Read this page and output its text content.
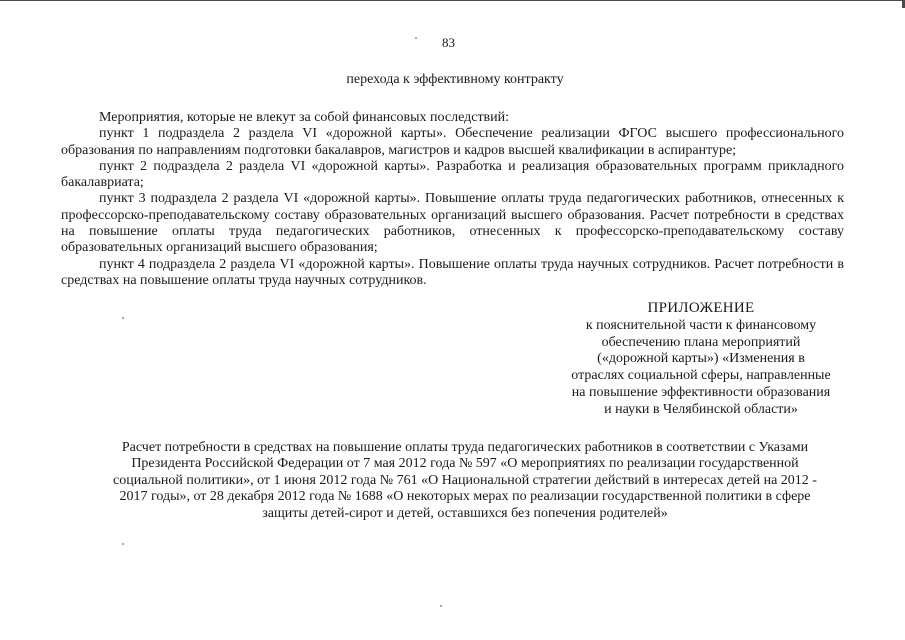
83
перехода к эффективному контракту

Мероприятия, которые не влекут за собой финансовых последствий:

пункт 1 подраздела 2 раздела VI «дорожной карты». Обеспечение реализации ФГОС высшего профессионального образования по направлениям подготовки бакалавров, магистров и кадров высшей квалификации в аспирантуре;

пункт 2 подраздела 2 раздела VI «дорожной карты». Разработка и реализация образовательных программ прикладного бакалавриата;

пункт 3 подраздела 2 раздела VI «дорожной карты». Повышение оплаты труда педагогических работников, отнесенных к профессорско-преподавательскому составу образовательных организаций высшего образования. Расчет потребности в средствах на повышение оплаты труда педагогических работников, отнесенных к профессорско-преподавательскому составу образовательных организаций высшего образования;

пункт 4 подраздела 2 раздела VI «дорожной карты». Повышение оплаты труда научных сотрудников. Расчет потребности в средствах на повышение оплаты труда научных сотрудников.

ПРИЛОЖЕНИЕ
к пояснительной части к финансовому
обеспечению плана мероприятий
(«дорожной карты») «Изменения в
отраслях социальной сферы, направленные
на повышение эффективности образования
и науки в Челябинской области»
Расчет потребности в средствах на повышение оплаты труда педагогических работников в соответствии с Указами
Президента Российской Федерации от 7 мая 2012 года № 597 «О мероприятиях по реализации государственной
социальной политики», от 1 июня 2012 года № 761 «О Национальной стратегии действий в интересах детей на 2012 -
2017 годы», от 28 декабря 2012 года № 1688 «О некоторых мерах по реализации государственной политики в сфере
защиты детей-сирот и детей, оставшихся без попечения родителей»
